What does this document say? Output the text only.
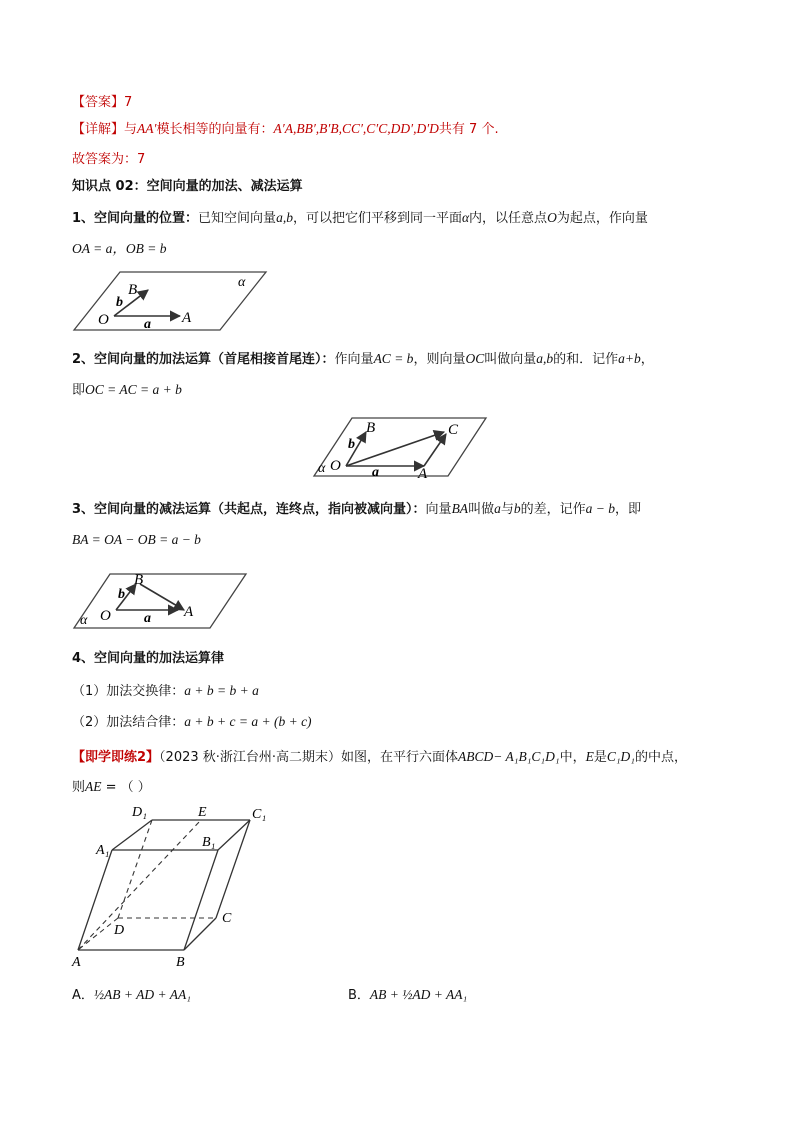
【答案】7
【详解】与AA′模长相等的向量有：A′A,BB′,B′B,CC′,C′C,DD′,D′D共有 7 个.
故答案为：7
知识点 02：空间向量的加法、减法运算
1、空间向量的位置：已知空间向量a,b，可以把它们平移到同一平面α内，以任意点O为起点，作向量
OA = a，OB = b
α
B
b
O	a A
2、空间向量的加法运算（首尾相接首尾连）：作向量AC = b，则向量OC叫做向量a,b的和．记作a+b，
即OC = AC = a + b
B	C
b
α O a	A
3、空间向量的减法运算（共起点，连终点，指向被减向量）：向量BA叫做a与b的差，记作a − b，即
BA = OA − OB = a − b
B
b
α O a A
4、空间向量的加法运算律
（1）加法交换律：a + b = b + a
（2）加法结合律：a + b + c = a + (b + c)
【即学即练2】（2023 秋·浙江台州·高二期末）如图，在平行六面体ABCD− A₁B₁C₁D₁中，E是C₁D₁的中点，
则AE = （ ）
D₁	E	C₁
A₁
B₁
C
D
A	B
A．½AB + AD + AA₁	B．AB + ½AD + AA₁
